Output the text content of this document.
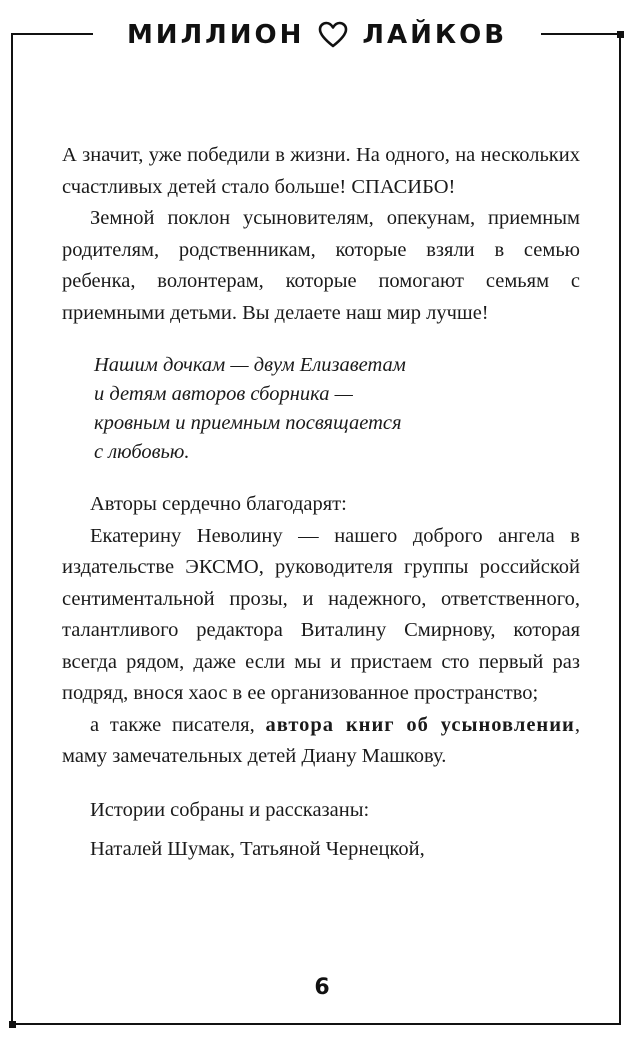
МИЛЛИОН ЛАЙКОВ

А значит, уже победили в жизни. На одного, на нескольких счастливых детей стало больше! СПАСИБО!

Земной поклон усыновителям, опекунам, приемным родителям, родственникам, которые взяли в семью ребенка, волонтерам, которые помогают семьям с приемными детьми. Вы делаете наш мир лучше!

Нашим дочкам — двум Елизаветам
и детям авторов сборника —
кровным и приемным посвящается
с любовью.

Авторы сердечно благодарят:

Екатерину Неволину — нашего доброго ангела в издательстве ЭКСМО, руководителя группы российской сентиментальной прозы, и надежного, ответственного, талантливого редактора Виталину Смирнову, которая всегда рядом, даже если мы и пристаем сто первый раз подряд, внося хаос в ее организованное пространство;

а также писателя, автора книг об усыновлении, маму замечательных детей Диану Машкову.

Истории собраны и рассказаны:

Наталей Шумак, Татьяной Чернецкой,

6
